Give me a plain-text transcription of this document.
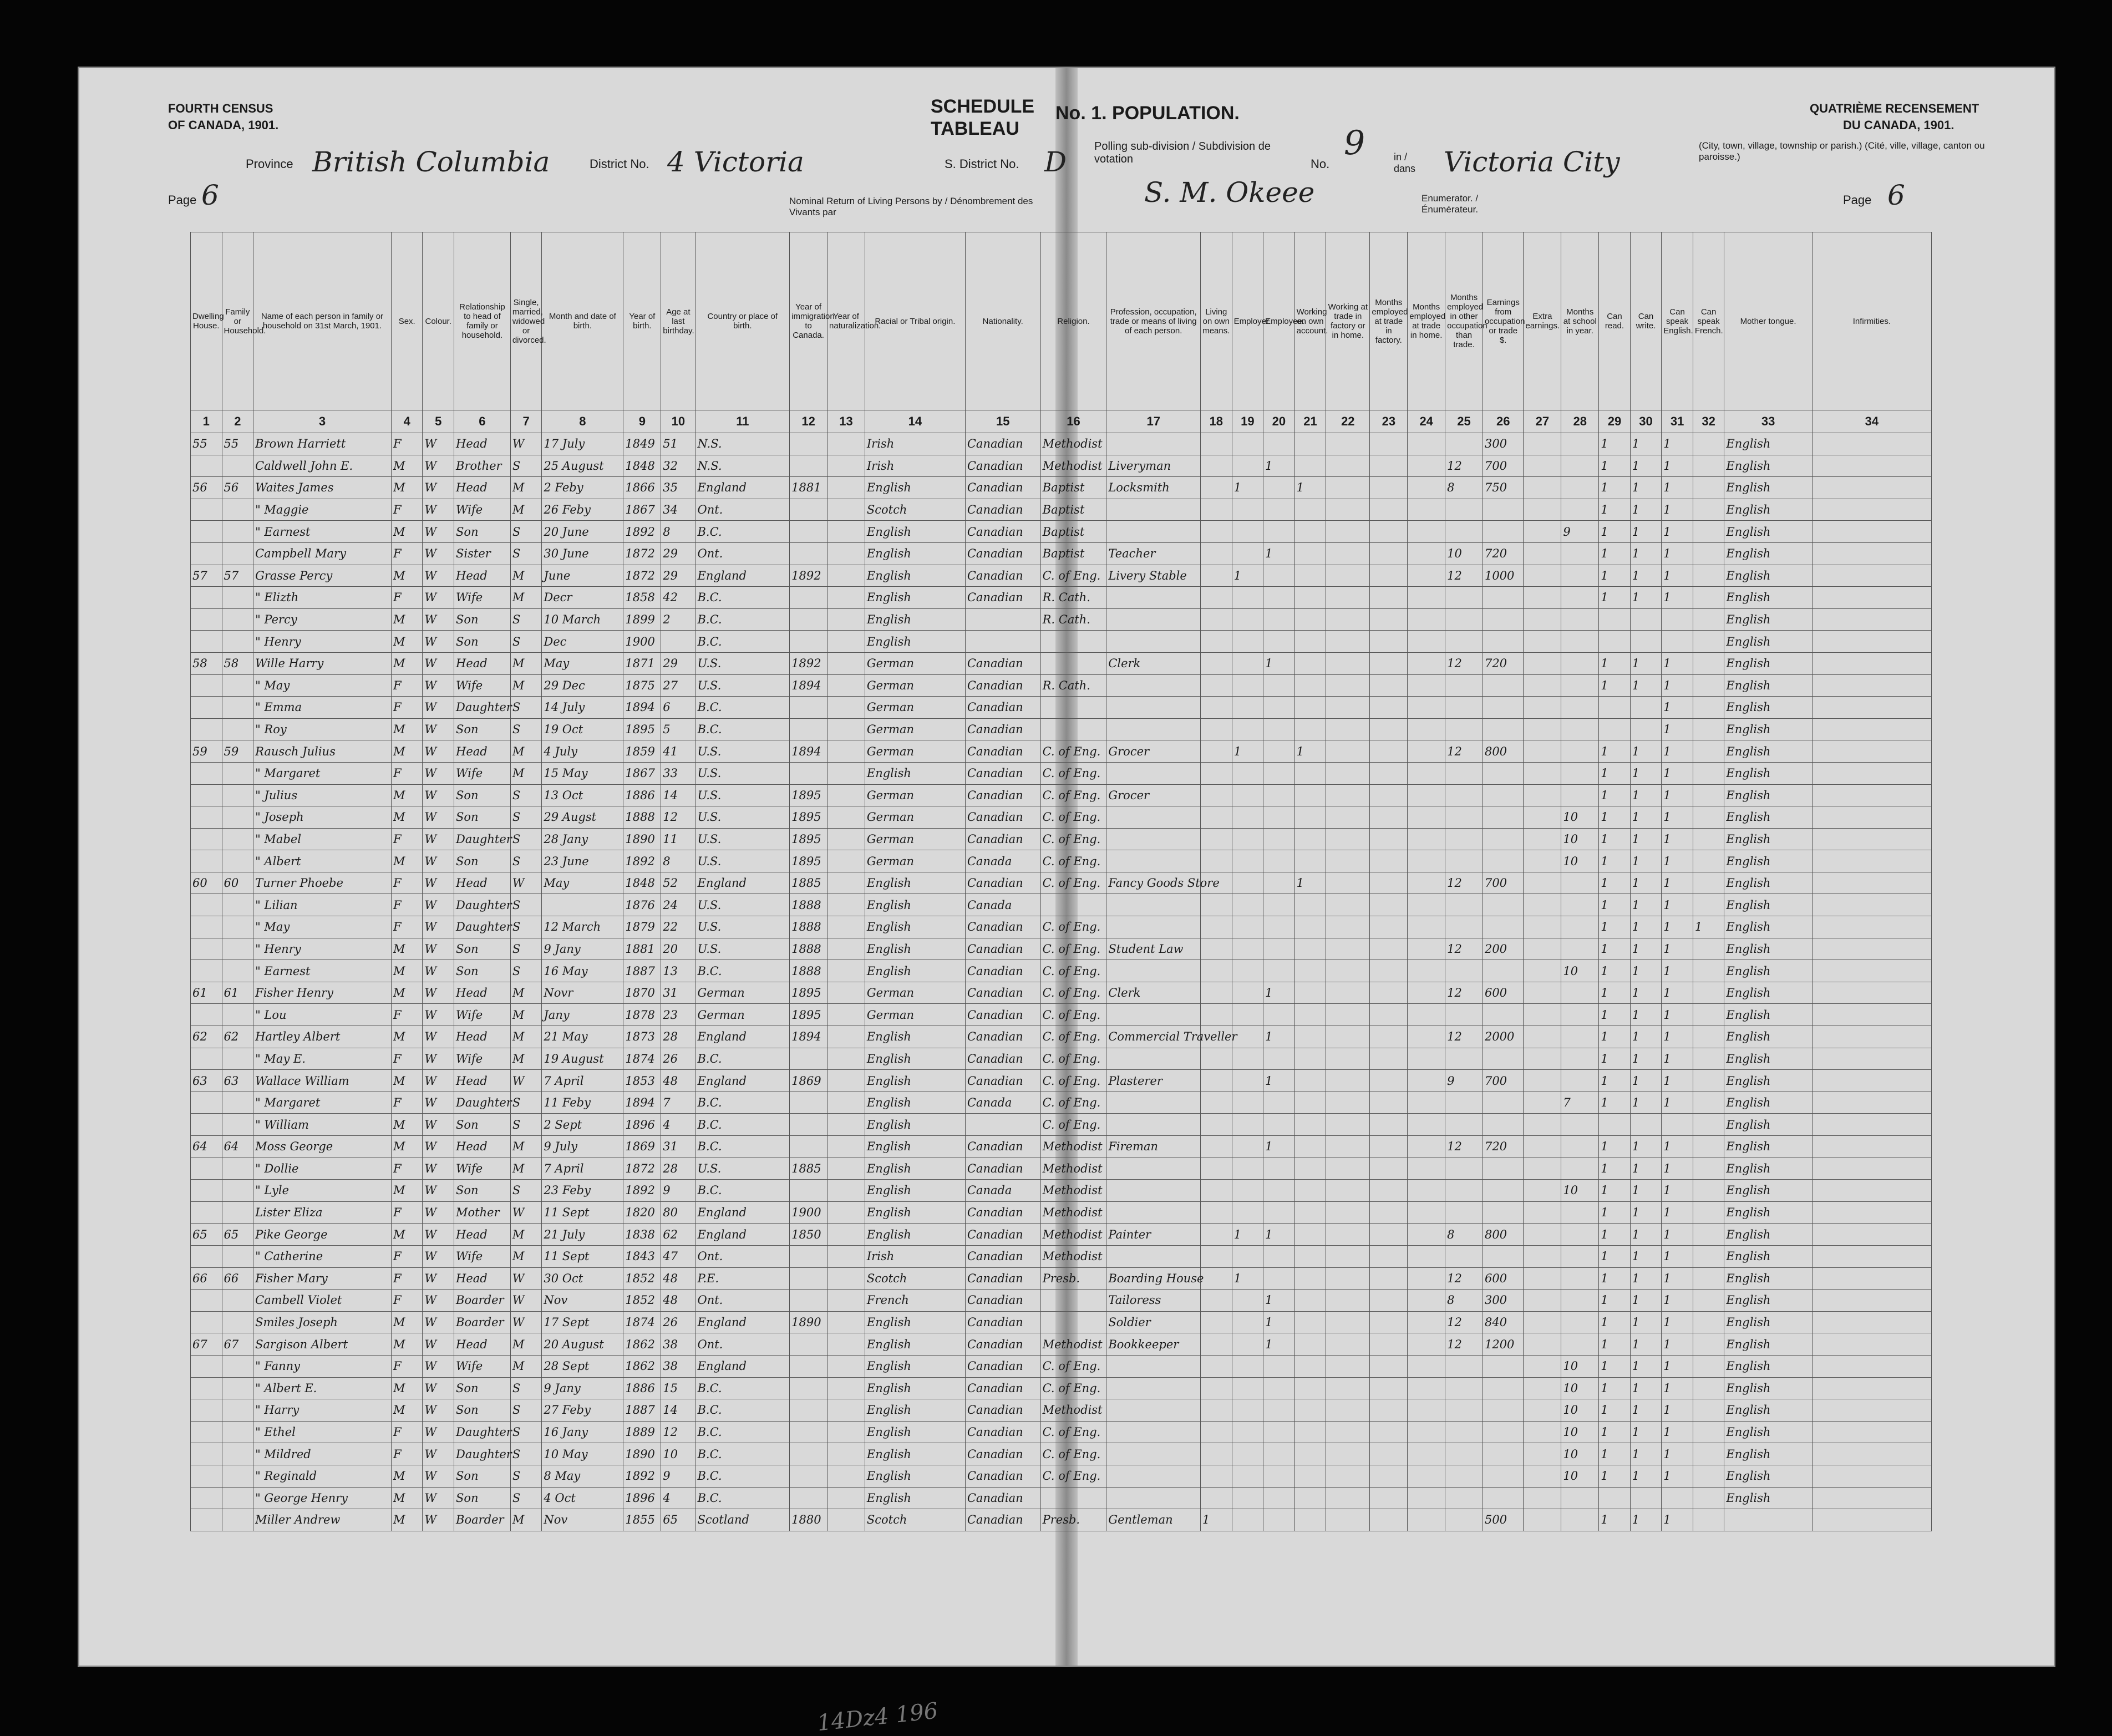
FOURTH CENSUS
OF CANADA, 1901.
SCHEDULE
TABLEAU
No. 1. POPULATION.	QUATRIÈME RECENSEMENT
DU CANADA, 1901.
Province British Columbia	District No. 4 Victoria	S. District No. D Polling sub-division / Subdivision de votation	No.
9	in / dans	Victoria City
(City, town, village, township or parish.) (Cité, ville, village, canton ou paroisse.)
Page 6	Nominal Return of Living Persons by / Dénombrement des Vivants par
S. M. Okeee	Enumerator. / Énumérateur.
Page 6
Dwelling House.	Family or Household.	Name of each person in family or household on 31st March, 1901.	Sex.	Colour.	Relationship to head of family or household.	Single, married, widowed or divorced.	Month and date of birth.	Year of birth.	Age at last birthday.	Country or place of birth.	Year of immigration to Canada.	Year of naturalization.	Racial or Tribal origin.	Nationality.	Religion.	Profession, occupation, trade or means of living of each person.	Living on own means.	Employer.	Employee.	Working on own account.	Working at trade in factory or in home.	Months employed at trade in factory.	Months employed at trade in home.	Months employed in other occupation than trade.	Earnings from occupation or trade $.	Extra earnings.	Months at school in year.	Can read.	Can write.	Can speak English.	Can speak French.	Mother tongue.	Infirmities.
1	2	3	4	5	6	7	8	9	10	11	12	13	14	15	16	17	18	19	20	21	22	23	24	25	26	27	28	29	30	31	32	33	34
55	55	Brown Harriett	F	W	Head	W	17 July	1849	51	N.S.			Irish	Canadian	Methodist										300			1	1	1		English	
		Caldwell John E.	M	W	Brother	S	25 August	1848	32	N.S.			Irish	Canadian	Methodist	Liveryman			1					12	700			1	1	1		English	
56	56	Waites James	M	W	Head	M	2 Feby	1866	35	England	1881		English	Canadian	Baptist	Locksmith		1		1				8	750			1	1	1		English	
		" Maggie	F	W	Wife	M	26 Feby	1867	34	Ont.			Scotch	Canadian	Baptist													1	1	1		English	
		" Earnest	M	W	Son	S	20 June	1892	8	B.C.			English	Canadian	Baptist												9	1	1	1		English	
		Campbell Mary	F	W	Sister	S	30 June	1872	29	Ont.			English	Canadian	Baptist	Teacher			1					10	720			1	1	1		English	
57	57	Grasse Percy	M	W	Head	M	June	1872	29	England	1892		English	Canadian	C. of Eng.	Livery Stable		1						12	1000			1	1	1		English	
		" Elizth	F	W	Wife	M	Decr	1858	42	B.C.			English	Canadian	R. Cath.													1	1	1		English	
		" Percy	M	W	Son	S	10 March	1899	2	B.C.			English		R. Cath.																	English	
		" Henry	M	W	Son	S	Dec	1900		B.C.			English																			English	
58	58	Wille Harry	M	W	Head	M	May	1871	29	U.S.	1892		German	Canadian		Clerk			1					12	720			1	1	1		English	
		" May	F	W	Wife	M	29 Dec	1875	27	U.S.	1894		German	Canadian	R. Cath.													1	1	1		English	
		" Emma	F	W	Daughter	S	14 July	1894	6	B.C.			German	Canadian																1		English	
		" Roy	M	W	Son	S	19 Oct	1895	5	B.C.			German	Canadian																1		English	
59	59	Rausch Julius	M	W	Head	M	4 July	1859	41	U.S.	1894		German	Canadian	C. of Eng.	Grocer		1		1				12	800			1	1	1		English	
		" Margaret	F	W	Wife	M	15 May	1867	33	U.S.			English	Canadian	C. of Eng.													1	1	1		English	
		" Julius	M	W	Son	S	13 Oct	1886	14	U.S.	1895		German	Canadian	C. of Eng.	Grocer												1	1	1		English	
		" Joseph	M	W	Son	S	29 Augst	1888	12	U.S.	1895		German	Canadian	C. of Eng.												10	1	1	1		English	
		" Mabel	F	W	Daughter	S	28 Jany	1890	11	U.S.	1895		German	Canadian	C. of Eng.												10	1	1	1		English	
		" Albert	M	W	Son	S	23 June	1892	8	U.S.	1895		German	Canada	C. of Eng.												10	1	1	1		English	
60	60	Turner Phoebe	F	W	Head	W	May	1848	52	England	1885		English	Canadian	C. of Eng.	Fancy Goods Store				1				12	700			1	1	1		English	
		" Lilian	F	W	Daughter	S		1876	24	U.S.	1888		English	Canada														1	1	1		English	
		" May	F	W	Daughter	S	12 March	1879	22	U.S.	1888		English	Canadian	C. of Eng.													1	1	1	1	English	
		" Henry	M	W	Son	S	9 Jany	1881	20	U.S.	1888		English	Canadian	C. of Eng.	Student Law								12	200			1	1	1		English	
		" Earnest	M	W	Son	S	16 May	1887	13	B.C.	1888		English	Canadian	C. of Eng.												10	1	1	1		English	
61	61	Fisher Henry	M	W	Head	M	Novr	1870	31	German	1895		German	Canadian	C. of Eng.	Clerk			1					12	600			1	1	1		English	
		" Lou	F	W	Wife	M	Jany	1878	23	German	1895		German	Canadian	C. of Eng.													1	1	1		English	
62	62	Hartley Albert	M	W	Head	M	21 May	1873	28	England	1894		English	Canadian	C. of Eng.	Commercial Traveller			1					12	2000			1	1	1		English	
		" May E.	F	W	Wife	M	19 August	1874	26	B.C.			English	Canadian	C. of Eng.													1	1	1		English	
63	63	Wallace William	M	W	Head	W	7 April	1853	48	England	1869		English	Canadian	C. of Eng.	Plasterer			1					9	700			1	1	1		English	
		" Margaret	F	W	Daughter	S	11 Feby	1894	7	B.C.			English	Canada	C. of Eng.												7	1	1	1		English	
		" William	M	W	Son	S	2 Sept	1896	4	B.C.			English		C. of Eng.																	English	
64	64	Moss George	M	W	Head	M	9 July	1869	31	B.C.			English	Canadian	Methodist	Fireman			1					12	720			1	1	1		English	
		" Dollie	F	W	Wife	M	7 April	1872	28	U.S.	1885		English	Canadian	Methodist													1	1	1		English	
		" Lyle	M	W	Son	S	23 Feby	1892	9	B.C.			English	Canada	Methodist												10	1	1	1		English	
		Lister Eliza	F	W	Mother	W	11 Sept	1820	80	England	1900		English	Canadian	Methodist													1	1	1		English	
65	65	Pike George	M	W	Head	M	21 July	1838	62	England	1850		English	Canadian	Methodist	Painter		1	1					8	800			1	1	1		English	
		" Catherine	F	W	Wife	M	11 Sept	1843	47	Ont.			Irish	Canadian	Methodist													1	1	1		English	
66	66	Fisher Mary	F	W	Head	W	30 Oct	1852	48	P.E.			Scotch	Canadian	Presb.	Boarding House		1						12	600			1	1	1		English	
		Cambell Violet	F	W	Boarder	W	Nov	1852	48	Ont.			French	Canadian		Tailoress			1					8	300			1	1	1		English	
		Smiles Joseph	M	W	Boarder	W	17 Sept	1874	26	England	1890		English	Canadian		Soldier			1					12	840			1	1	1		English	
67	67	Sargison Albert	M	W	Head	M	20 August	1862	38	Ont.			English	Canadian	Methodist	Bookkeeper			1					12	1200			1	1	1		English	
		" Fanny	F	W	Wife	M	28 Sept	1862	38	England			English	Canadian	C. of Eng.												10	1	1	1		English	
		" Albert E.	M	W	Son	S	9 Jany	1886	15	B.C.			English	Canadian	C. of Eng.												10	1	1	1		English	
		" Harry	M	W	Son	S	27 Feby	1887	14	B.C.			English	Canadian	Methodist												10	1	1	1		English	
		" Ethel	F	W	Daughter	S	16 Jany	1889	12	B.C.			English	Canadian	C. of Eng.												10	1	1	1		English	
		" Mildred	F	W	Daughter	S	10 May	1890	10	B.C.			English	Canadian	C. of Eng.												10	1	1	1		English	
		" Reginald	M	W	Son	S	8 May	1892	9	B.C.			English	Canadian	C. of Eng.												10	1	1	1		English	
		" George Henry	M	W	Son	S	4 Oct	1896	4	B.C.			English	Canadian																		English	
		Miller Andrew	M	W	Boarder	M	Nov	1855	65	Scotland	1880		Scotch	Canadian	Presb.	Gentleman	1								500			1	1	1			
14Dz4 196
